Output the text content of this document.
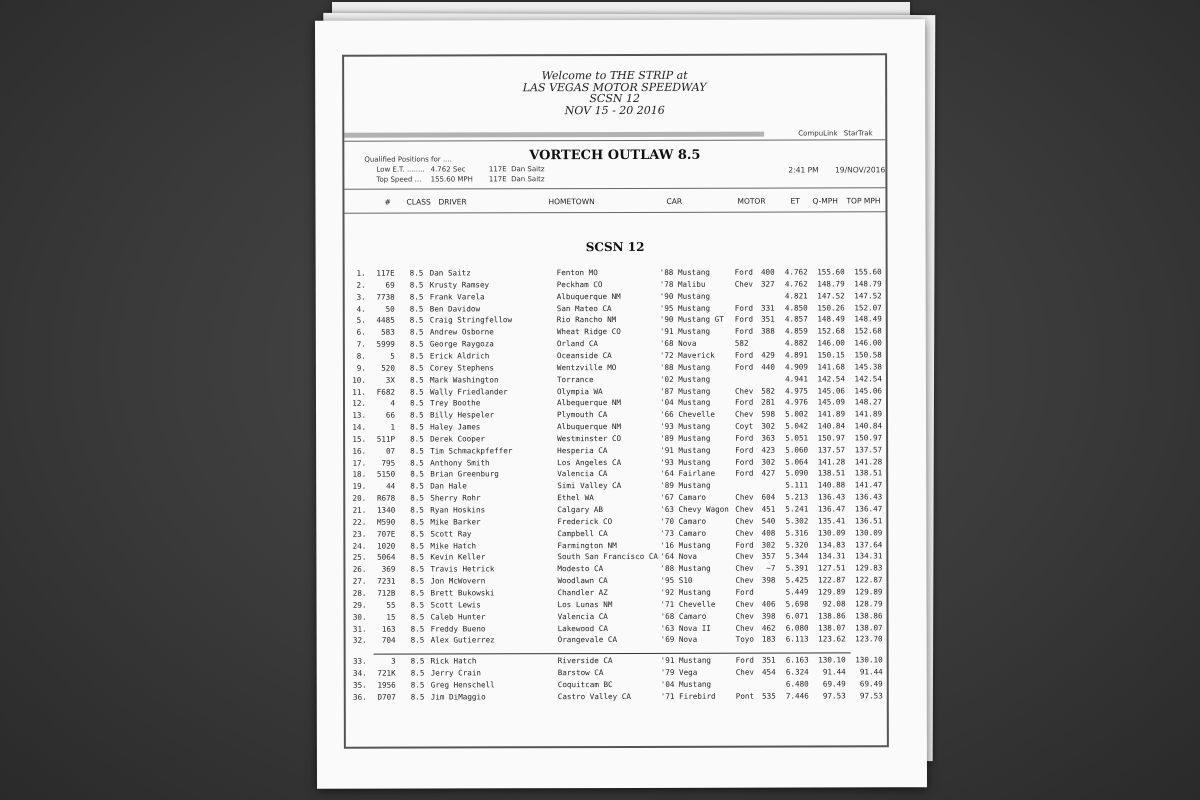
Welcome to THE STRIP at
LAS VEGAS MOTOR SPEEDWAY
SCSN 12
NOV 15 - 20 2016
CompuLink StarTrak
VORTECH OUTLAW 8.5
Qualified Positions for ....
Low E.T. ........ 4.762 Sec	117E Dan Saitz
Top Speed ... 155.60 MPH 117E Dan Saitz
2:41 PM 19/NOV/2016
# CLASS DRIVER	HOMETOWN	CAR	MOTOR	ET Q-MPH TOP MPH
SCSN 12
1.	117E 8.5 Dan Saitz	Fenton MO	'88 Mustang	Ford	400	4.762	155.60	155.60
2.	69 8.5 Krusty Ramsey	Peckham CO	'78 Malibu	Chev	327	4.762	148.79	148.79
3.	7738 8.5 Frank Varela	Albuquerque NM	'90 Mustang	4.821	147.52	147.52
4.	50 8.5 Ben Davidow	San Mateo CA	'95 Mustang	Ford	331	4.850	150.26	152.07
5.	4485 8.5 Craig Stringfellow	Rio Rancho NM	'90 Mustang GT Ford	351	4.857	148.49	148.49
6.	583 8.5 Andrew Osborne	Wheat Ridge CO	'91 Mustang	Ford	388	4.859	152.68	152.68
7.	5999 8.5 George Raygoza	Orland CA	'68 Nova	582	4.882	146.00	146.00
8.	5 8.5 Erick Aldrich	Oceanside CA	'72 Maverick	Ford	429	4.891	150.15	150.58
9.	520 8.5 Corey Stephens	Wentzville MO	'88 Mustang	Ford	440	4.909	141.68	145.38
10.	3X 8.5 Mark Washington	Torrance	'02 Mustang	4.941	142.54	142.54
11.	F682 8.5 Wally Friedlander	Olympia WA	'87 Mustang	Chev	582	4.975	145.06	145.06
12.	4 8.5 Trey Boothe	Albequerque NM	'04 Mustang	Ford	281	4.976	145.09	148.27
13.	66 8.5 Billy Hespeler	Plymouth CA	'66 Chevelle	Chev	598	5.002	141.89	141.89
14.	1 8.5 Haley James	Albuquerque NM	'93 Mustang	Coyt	302	5.042	140.84	140.84
15.	511P 8.5 Derek Cooper	Westminster CO	'89 Mustang	Ford	363	5.051	150.97	150.97
16.	07 8.5 Tim Schmackpfeffer	Hesperia CA	'91 Mustang	Ford	423	5.060	137.57	137.57
17.	795 8.5 Anthony Smith	Los Angeles CA	'93 Mustang	Ford	302	5.064	141.28	141.28
18.	5150 8.5 Brian Greenburg	Valencia CA	'64 Fairlane	Ford	427	5.090	138.51	138.51
19.	44 8.5 Dan Hale	Simi Valley CA	'89 Mustang	5.111	140.88	141.47
20.	R678 8.5 Sherry Rohr	Ethel WA	'67 Camaro	Chev	604	5.213	136.43	136.43
21.	1340 8.5 Ryan Hoskins	Calgary AB	'63 Chevy Wagon Chev	451	5.241	136.47	136.47
22.	M590 8.5 Mike Barker	Frederick CO	'70 Camaro	Chev	540	5.302	135.41	136.51
23.	707E 8.5 Scott Ray	Campbell CA	'73 Camaro	Chev	408	5.316	130.09	130.09
24.	1020 8.5 Mike Hatch	Farmington NM	'16 Mustang	Ford	302	5.320	134.83	137.64
25.	5064 8.5 Kevin Keller	South San Francisco CA '64 Nova	Chev	357	5.344	134.31	134.31
26.	369 8.5 Travis Hetrick	Modesto CA	'88 Mustang	Chev	~7	5.391	127.51	129.83
27.	7231 8.5 Jon McWovern	Woodlawn CA	'95 S10	Chev	398	5.425	122.87	122.87
28.	712B 8.5 Brett Bukowski	Chandler AZ	'92 Mustang	Ford	5.449	129.89	129.89
29.	55 8.5 Scott Lewis	Los Lunas NM	'71 Chevelle	Chev	406	5.698	92.08	128.79
30.	15 8.5 Caleb Hunter	Valencia CA	'68 Camaro	Chev	398	6.071	138.86	138.86
31.	163 8.5 Freddy Bueno	Lakewood CA	'63 Nova II	Chev	462	6.080	138.07	138.07
32.	704 8.5 Alex Gutierrez	Orangevale CA	'69 Nova	Toyo	183	6.113	123.62	123.70
33.	3 8.5 Rick Hatch	Riverside CA	'91 Mustang	Ford	351	6.163	130.10	130.10
34.	721K 8.5 Jerry Crain	Barstow CA	'79 Vega	Chev	454	6.324	91.44	91.44
35.	1956 8.5 Greg Henschell	Coquitcam BC	'04 Mustang	6.480	69.49	69.49
36.	D707 8.5 Jim DiMaggio	Castro Valley CA	'71 Firebird	Pont	535	7.446	97.53	97.53
